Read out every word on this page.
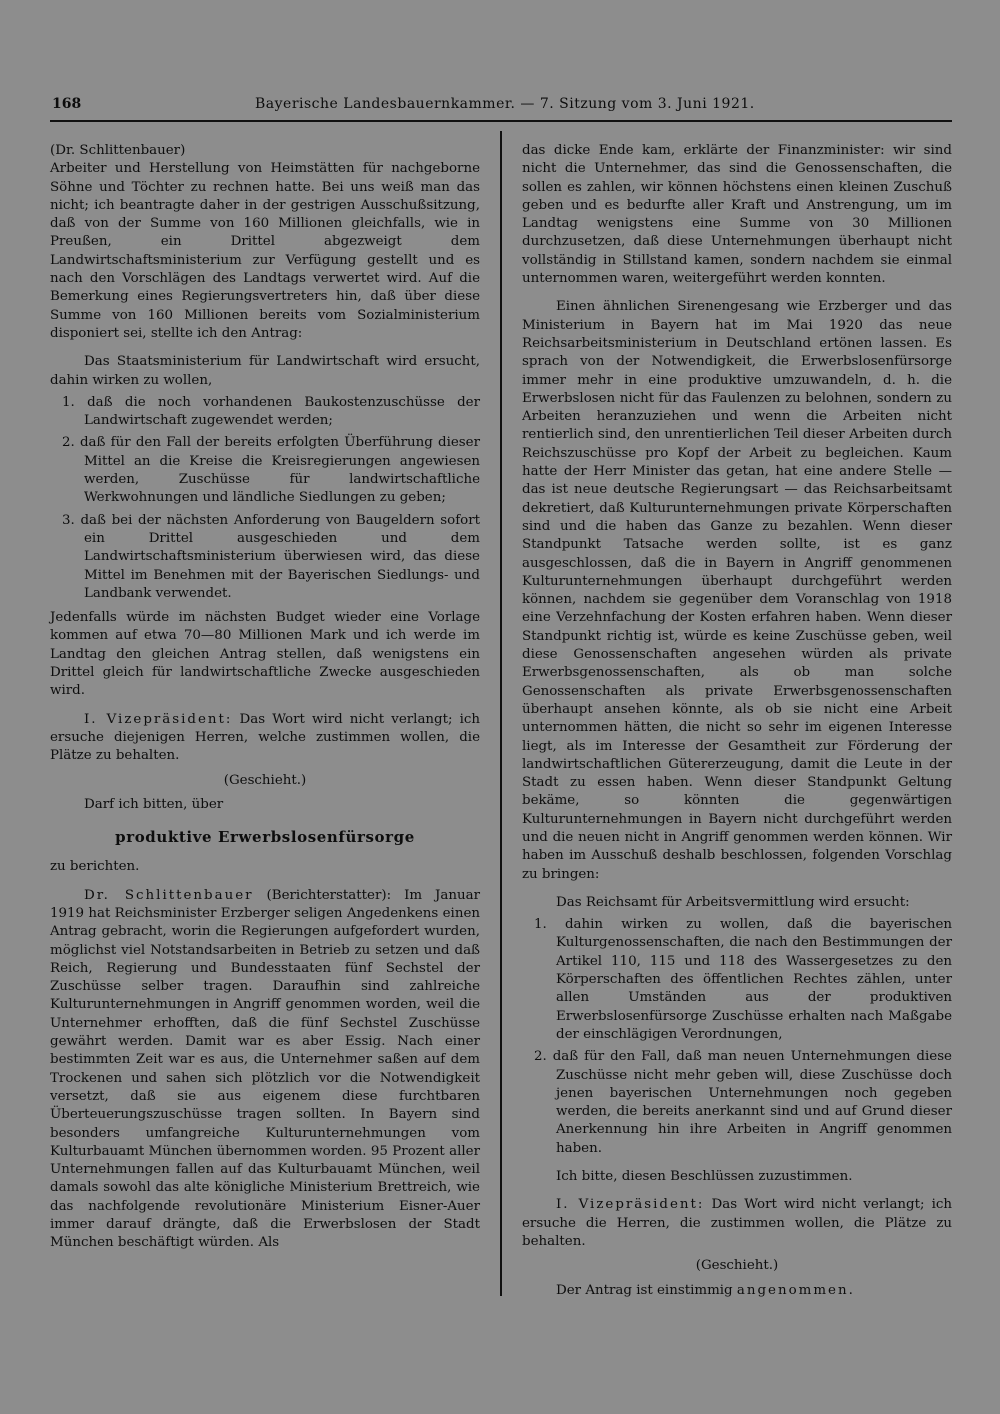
168	Bayerische Landesbauernkammer. — 7. Sitzung vom 3. Juni 1921.

(Dr. Schlittenbauer)

Arbeiter und Herstellung von Heimstätten für nachgeborne Söhne und Töchter zu rechnen hatte. Bei uns weiß man das nicht; ich beantragte daher in der gestrigen Ausschußsitzung, daß von der Summe von 160 Millionen gleichfalls, wie in Preußen, ein Drittel abgezweigt dem Landwirtschaftsministerium zur Verfügung gestellt und es nach den Vorschlägen des Landtags verwertet wird. Auf die Bemerkung eines Regierungsvertreters hin, daß über diese Summe von 160 Millionen bereits vom Sozialministerium disponiert sei, stellte ich den Antrag:

Das Staatsministerium für Landwirtschaft wird ersucht, dahin wirken zu wollen,

1. daß die noch vorhandenen Baukostenzuschüsse der Landwirtschaft zugewendet werden;

2. daß für den Fall der bereits erfolgten Überführung dieser Mittel an die Kreise die Kreisregierungen angewiesen werden, Zuschüsse für landwirtschaftliche Werkwohnungen und ländliche Siedlungen zu geben;

3. daß bei der nächsten Anforderung von Baugeldern sofort ein Drittel ausgeschieden und dem Landwirtschaftsministerium überwiesen wird, das diese Mittel im Benehmen mit der Bayerischen Siedlungs- und Landbank verwendet.

Jedenfalls würde im nächsten Budget wieder eine Vorlage kommen auf etwa 70—80 Millionen Mark und ich werde im Landtag den gleichen Antrag stellen, daß wenigstens ein Drittel gleich für landwirtschaftliche Zwecke ausgeschieden wird.

I. Vizepräsident: Das Wort wird nicht verlangt; ich ersuche diejenigen Herren, welche zustimmen wollen, die Plätze zu behalten.

(Geschieht.)

Darf ich bitten, über

produktive Erwerbslosenfürsorge

zu berichten.

Dr. Schlittenbauer (Berichterstatter): Im Januar 1919 hat Reichsminister Erzberger seligen Angedenkens einen Antrag gebracht, worin die Regierungen aufgefordert wurden, möglichst viel Notstandsarbeiten in Betrieb zu setzen und daß Reich, Regierung und Bundesstaaten fünf Sechstel der Zuschüsse selber tragen. Daraufhin sind zahlreiche Kulturunternehmungen in Angriff genommen worden, weil die Unternehmer erhofften, daß die fünf Sechstel Zuschüsse gewährt werden. Damit war es aber Essig. Nach einer bestimmten Zeit war es aus, die Unternehmer saßen auf dem Trockenen und sahen sich plötzlich vor die Notwendigkeit versetzt, daß sie aus eigenem diese furchtbaren Überteuerungszuschüsse tragen sollten. In Bayern sind besonders umfangreiche Kulturunternehmungen vom Kulturbauamt München übernommen worden. 95 Prozent aller Unternehmungen fallen auf das Kulturbauamt München, weil damals sowohl das alte königliche Ministerium Brettreich, wie das nachfolgende revolutionäre Ministerium Eisner-Auer immer darauf drängte, daß die Erwerbslosen der Stadt München beschäftigt würden. Als

das dicke Ende kam, erklärte der Finanzminister: wir sind nicht die Unternehmer, das sind die Genossenschaften, die sollen es zahlen, wir können höchstens einen kleinen Zuschuß geben und es bedurfte aller Kraft und Anstrengung, um im Landtag wenigstens eine Summe von 30 Millionen durchzusetzen, daß diese Unternehmungen überhaupt nicht vollständig in Stillstand kamen, sondern nachdem sie einmal unternommen waren, weitergeführt werden konnten.

Einen ähnlichen Sirenengesang wie Erzberger und das Ministerium in Bayern hat im Mai 1920 das neue Reichsarbeitsministerium in Deutschland ertönen lassen. Es sprach von der Notwendigkeit, die Erwerbslosenfürsorge immer mehr in eine produktive umzuwandeln, d. h. die Erwerbslosen nicht für das Faulenzen zu belohnen, sondern zu Arbeiten heranzuziehen und wenn die Arbeiten nicht rentierlich sind, den unrentierlichen Teil dieser Arbeiten durch Reichszuschüsse pro Kopf der Arbeit zu begleichen. Kaum hatte der Herr Minister das getan, hat eine andere Stelle — das ist neue deutsche Regierungsart — das Reichsarbeitsamt dekretiert, daß Kulturunternehmungen private Körperschaften sind und die haben das Ganze zu bezahlen. Wenn dieser Standpunkt Tatsache werden sollte, ist es ganz ausgeschlossen, daß die in Bayern in Angriff genommenen Kulturunternehmungen überhaupt durchgeführt werden können, nachdem sie gegenüber dem Voranschlag von 1918 eine Verzehnfachung der Kosten erfahren haben. Wenn dieser Standpunkt richtig ist, würde es keine Zuschüsse geben, weil diese Genossenschaften angesehen würden als private Erwerbsgenossenschaften, als ob man solche Genossenschaften als private Erwerbsgenossenschaften überhaupt ansehen könnte, als ob sie nicht eine Arbeit unternommen hätten, die nicht so sehr im eigenen Interesse liegt, als im Interesse der Gesamtheit zur Förderung der landwirtschaftlichen Gütererzeugung, damit die Leute in der Stadt zu essen haben. Wenn dieser Standpunkt Geltung bekäme, so könnten die gegenwärtigen Kulturunternehmungen in Bayern nicht durchgeführt werden und die neuen nicht in Angriff genommen werden können. Wir haben im Ausschuß deshalb beschlossen, folgenden Vorschlag zu bringen:

Das Reichsamt für Arbeitsvermittlung wird ersucht:

1. dahin wirken zu wollen, daß die bayerischen Kulturgenossenschaften, die nach den Bestimmungen der Artikel 110, 115 und 118 des Wassergesetzes zu den Körperschaften des öffentlichen Rechtes zählen, unter allen Umständen aus der produktiven Erwerbslosenfürsorge Zuschüsse erhalten nach Maßgabe der einschlägigen Verordnungen,

2. daß für den Fall, daß man neuen Unternehmungen diese Zuschüsse nicht mehr geben will, diese Zuschüsse doch jenen bayerischen Unternehmungen noch gegeben werden, die bereits anerkannt sind und auf Grund dieser Anerkennung hin ihre Arbeiten in Angriff genommen haben.

Ich bitte, diesen Beschlüssen zuzustimmen.

I. Vizepräsident: Das Wort wird nicht verlangt; ich ersuche die Herren, die zustimmen wollen, die Plätze zu behalten.

(Geschieht.)

Der Antrag ist einstimmig angenommen.
